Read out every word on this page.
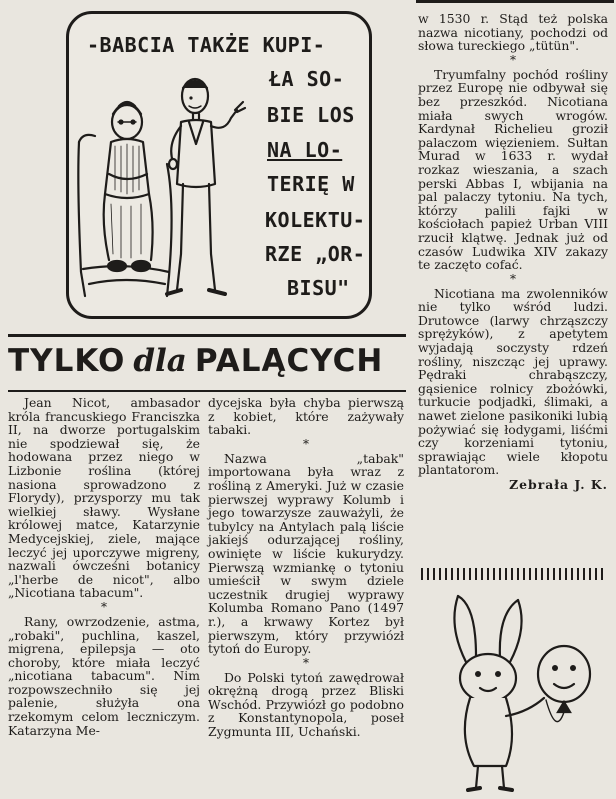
-BABCIA TAKŻE KUPI-
ŁA SO-
BIE LOS
NA LO-
TERIĘ W
KOLEKTU-
RZE „OR-
BISU"
TYLKO dla PALĄCYCH

Jean Nicot, ambasador króla francuskiego Franciszka II, na dworze portugalskim nie spodziewał się, że hodowana przez niego w Lizbonie roślina (której nasiona sprowadzono z Florydy), przysporzy mu tak wielkiej sławy. Wysłane królowej matce, Katarzynie Medycejskiej, ziele, mające leczyć jej uporczywe migreny, nazwali ówcześni botanicy „l'herbe de nicot", albo „Nicotiana tabacum".

*

Rany, owrzodzenie, astma, „robaki", puchlina, kaszel, migrena, epilepsja — oto choroby, które miała leczyć „nicotiana tabacum". Nim rozpowszechniło się jej palenie, służyła ona rzekomym celom leczniczym. Katarzyna Me-

dycejska była chyba pierwszą z kobiet, które zażywały tabaki.

*

Nazwa „tabak" importowana była wraz z rośliną z Ameryki. Już w czasie pierwszej wyprawy Kolumb i jego towarzysze zauważyli, że tubylcy na Antylach palą liście jakiejś odurzającej rośliny, owinięte w liście kukurydzy. Pierwszą wzmiankę o tytoniu umieścił w swym dziele uczestnik drugiej wyprawy Kolumba Romano Pano (1497 r.), a krwawy Kortez był pierwszym, który przywiózł tytoń do Europy.

*

Do Polski tytoń zawędrował okrężną drogą przez Bliski Wschód. Przywiózł go podobno z Konstantynopola, poseł Zygmunta III, Uchański.

w 1530 r. Stąd też polska nazwa nicotiany, pochodzi od słowa tureckiego „tütün".

*

Tryumfalny pochód rośliny przez Europę nie odbywał się bez przeszkód. Nicotiana miała swych wrogów. Kardynał Richelieu groził palaczom więzieniem. Sułtan Murad w 1633 r. wydał rozkaz wieszania, a szach perski Abbas I, wbijania na pal palaczy tytoniu. Na tych, którzy palili fajki w kościołach papież Urban VIII rzucił klątwę. Jednak już od czasów Ludwika XIV zakazy te zaczęto cofać.

*

Nicotiana ma zwolenników nie tylko wśród ludzi. Drutowce (larwy chrząszczy sprężyków), z apetytem wyjadają soczysty rdzeń rośliny, niszcząc jej uprawy. Pędraki chrabąszczy, gąsienice rolnicy zbożówki, turkucie podjadki, ślimaki, a nawet zielone pasikoniki lubią pożywiać się łodygami, liśćmi czy korzeniami tytoniu, sprawiając wiele kłopotu plantatorom.

Zebrała J. K.
